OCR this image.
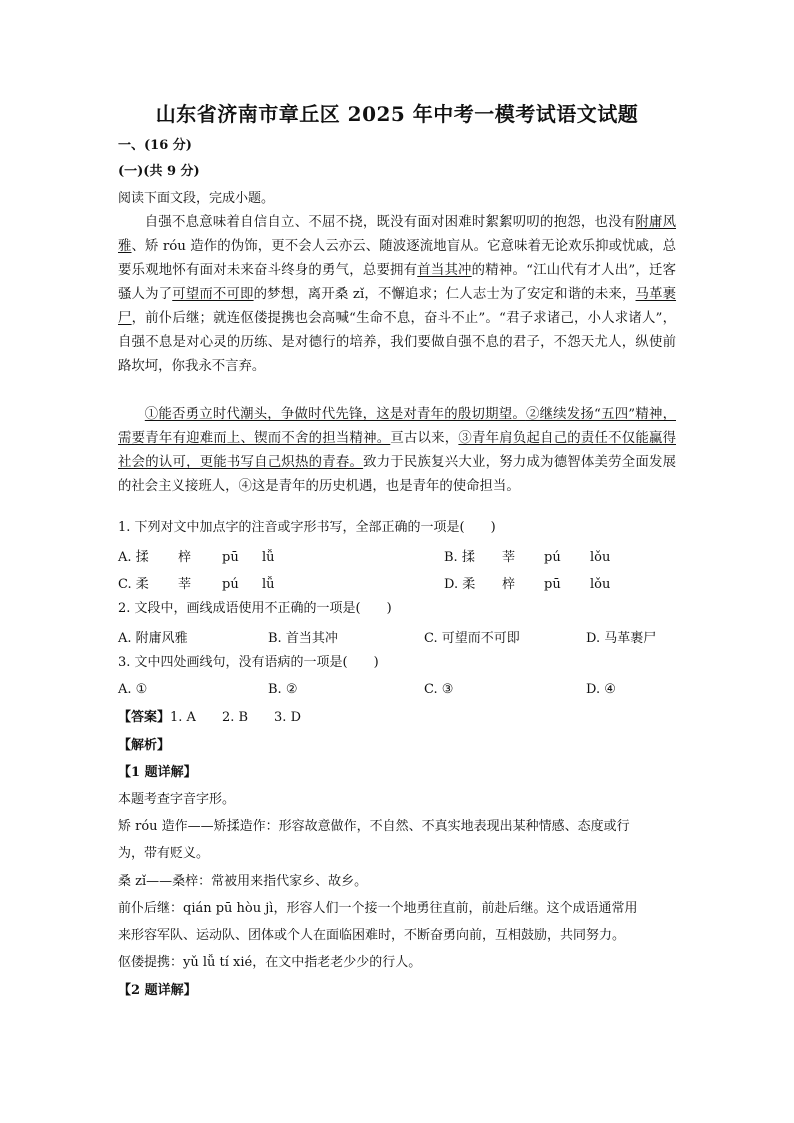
山东省济南市章丘区 2025 年中考一模考试语文试题
一、(16 分)
(一)(共 9 分)
阅读下面文段，完成小题。

自强不息意味着自信自立、不屈不挠，既没有面对困难时絮絮叨叨的抱怨，也没有附庸风雅、矫 róu 造作的伪饰，更不会人云亦云、随波逐流地盲从。它意味着无论欢乐抑或忧戚，总要乐观地怀有面对未来奋斗终身的勇气，总要拥有首当其冲的精神。“江山代有才人出”，迁客骚人为了可望而不可即的梦想，离开桑 zǐ，不懈追求；仁人志士为了安定和谐的未来，马革裹尸，前仆后继；就连伛偻提携也会高喊“生命不息，奋斗不止”。“君子求诸己，小人求诸人”，自强不息是对心灵的历练、是对德行的培养，我们要做自强不息的君子，不怨天尤人，纵使前路坎坷，你我永不言弃。

①能否勇立时代潮头，争做时代先锋，这是对青年的殷切期望。②继续发扬“五四”精神，需要青年有迎难而上、锲而不舍的担当精神。亘古以来，③青年肩负起自己的责任不仅能赢得社会的认可，更能书写自己炽热的青春。致力于民族复兴大业，努力成为德智体美劳全面发展的社会主义接班人，④这是青年的历史机遇，也是青年的使命担当。

1. 下列对文中加点字的注音或字形书写，全部正确的一项是(　　)
A. 揉 梓 pū lǚ	B. 揉 莘 pú lǒu
C. 柔 莘 pú lǚ	D. 柔 梓 pū lǒu
2. 文段中，画线成语使用不正确的一项是(　　)
A. 附庸风雅	B. 首当其冲	C. 可望而不可即	D. 马革裹尸
3. 文中四处画线句，没有语病的一项是(　　)
A. ①	B. ②	C. ③	D. ④
【答案】1. A　　2. B　　3. D
【解析】
【1 题详解】
本题考查字音字形。
矫 róu 造作——矫揉造作：形容故意做作，不自然、不真实地表现出某种情感、态度或行
为，带有贬义。
桑 zǐ——桑梓：常被用来指代家乡、故乡。
前仆后继：qián pū hòu jì，形容人们一个接一个地勇往直前，前赴后继。这个成语通常用
来形容军队、运动队、团体或个人在面临困难时，不断奋勇向前，互相鼓励，共同努力。
伛偻提携：yǔ lǚ tí xié，在文中指老老少少的行人。
【2 题详解】
